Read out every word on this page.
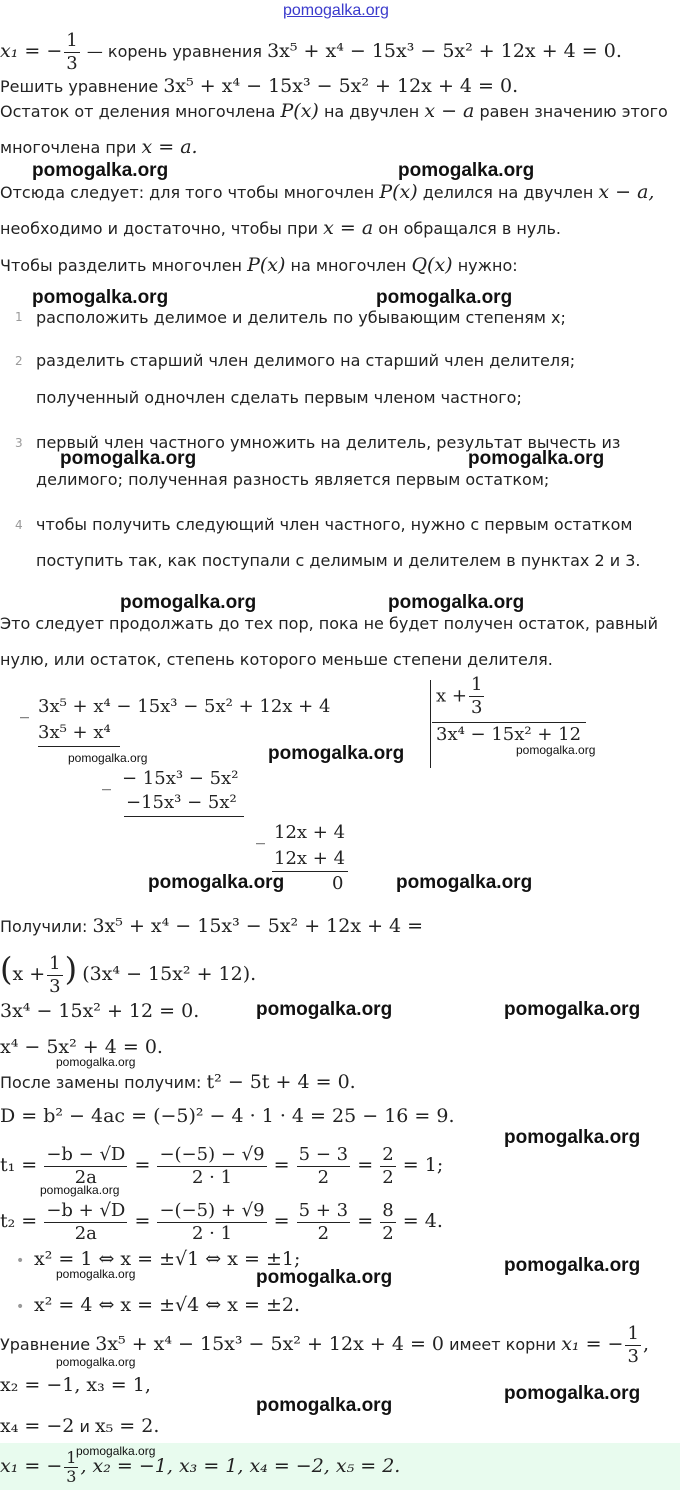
pomogalka.org
x₁ = − $\frac{1}{3}$ — корень уравнения 3x⁵ + x⁴ − 15x³ − 5x² + 12x + 4 = 0.
Решить уравнение 3x⁵ + x⁴ − 15x³ − 5x² + 12x + 4 = 0.
Остаток от деления многочлена P(x) на двучлен x − a равен значению этого
многочлена при x = a.
pomogalka.org	pomogalka.org
Отсюда следует: для того чтобы многочлен P(x) делился на двучлен x − a,
необходимо и достаточно, чтобы при x = a он обращался в нуль.
Чтобы разделить многочлен P(x) на многочлен Q(x) нужно:
pomogalka.org	pomogalka.org
1 расположить делимое и делитель по убывающим степеням x;
2 разделить старший член делимого на старший член делителя;
полученный одночлен сделать первым членом частного;
3 первый член частного умножить на делитель, результат вычесть из
делимого; полученная разность является первым остатком;
4 чтобы получить следующий член частного, нужно с первым остатком
поступить так, как поступали с делимым и делителем в пунктах 2 и 3.
pomogalka.org	pomogalka.org
pomogalka.org	pomogalka.org
Это следует продолжать до тех пор, пока не будет получен остаток, равный
нулю, или остаток, степень которого меньше степени делителя.
_ 3x⁵ + x⁴ − 15x³ − 5x² + 12x + 4
3x⁵ + x⁴
_ − 15x³ − 5x²
−15x³ − 5x²
_ 12x + 4
12x + 4
0
$x + \frac{1}{3}$
3x⁴ − 15x² + 12
pomogalka.org	pomogalka.org	pomogalka.org
pomogalka.org	pomogalka.org
Получили: 3x⁵ + x⁴ − 15x³ − 5x² + 12x + 4 =
($x + \frac{1}{3}$ ) (3x⁴ − 15x² + 12).
3x⁴ − 15x² + 12 = 0.	pomogalka.org	pomogalka.org
x⁴ − 5x² + 4 = 0.
pomogalka.org
После замены получим: t² − 5t + 4 = 0.
D = b² − 4ac = (−5)² − 4 · 1 · 4 = 25 − 16 = 9.
pomogalka.org
$t_1 = \frac{-b - √D}{2a} = \frac{-(-5) - √9}{2 \cdot 1} = \frac{5 - 3}{2} = \frac{2}{2} = 1$;
pomogalka.org
$t_2 = \frac{-b + √D}{2a} = \frac{-(-5) + √9}{2 \cdot 1} = \frac{5 + 3}{2} = \frac{8}{2} = 4$.
• x² = 1 ⇔ x = ±√1 ⇔ x = ±1;
pomogalka.org	pomogalka.org
pomogalka.org
• x² = 4 ⇔ x = ±√4 ⇔ x = ±2.
Уравнение 3x⁵ + x⁴ − 15x³ − 5x² + 12x + 4 = 0 имеет корни x₁ = − $\frac{1}{3}$ ,
pomogalka.org
x₂ = −1, x₃ = 1,	pomogalka.org
pomogalka.org
x₄ = −2 и x₅ = 2.
x₁ = − $\frac{1}{3}$ , x₂ = −1, x₃ = 1, x₄ = −2, x₅ = 2.
pomogalka.org
